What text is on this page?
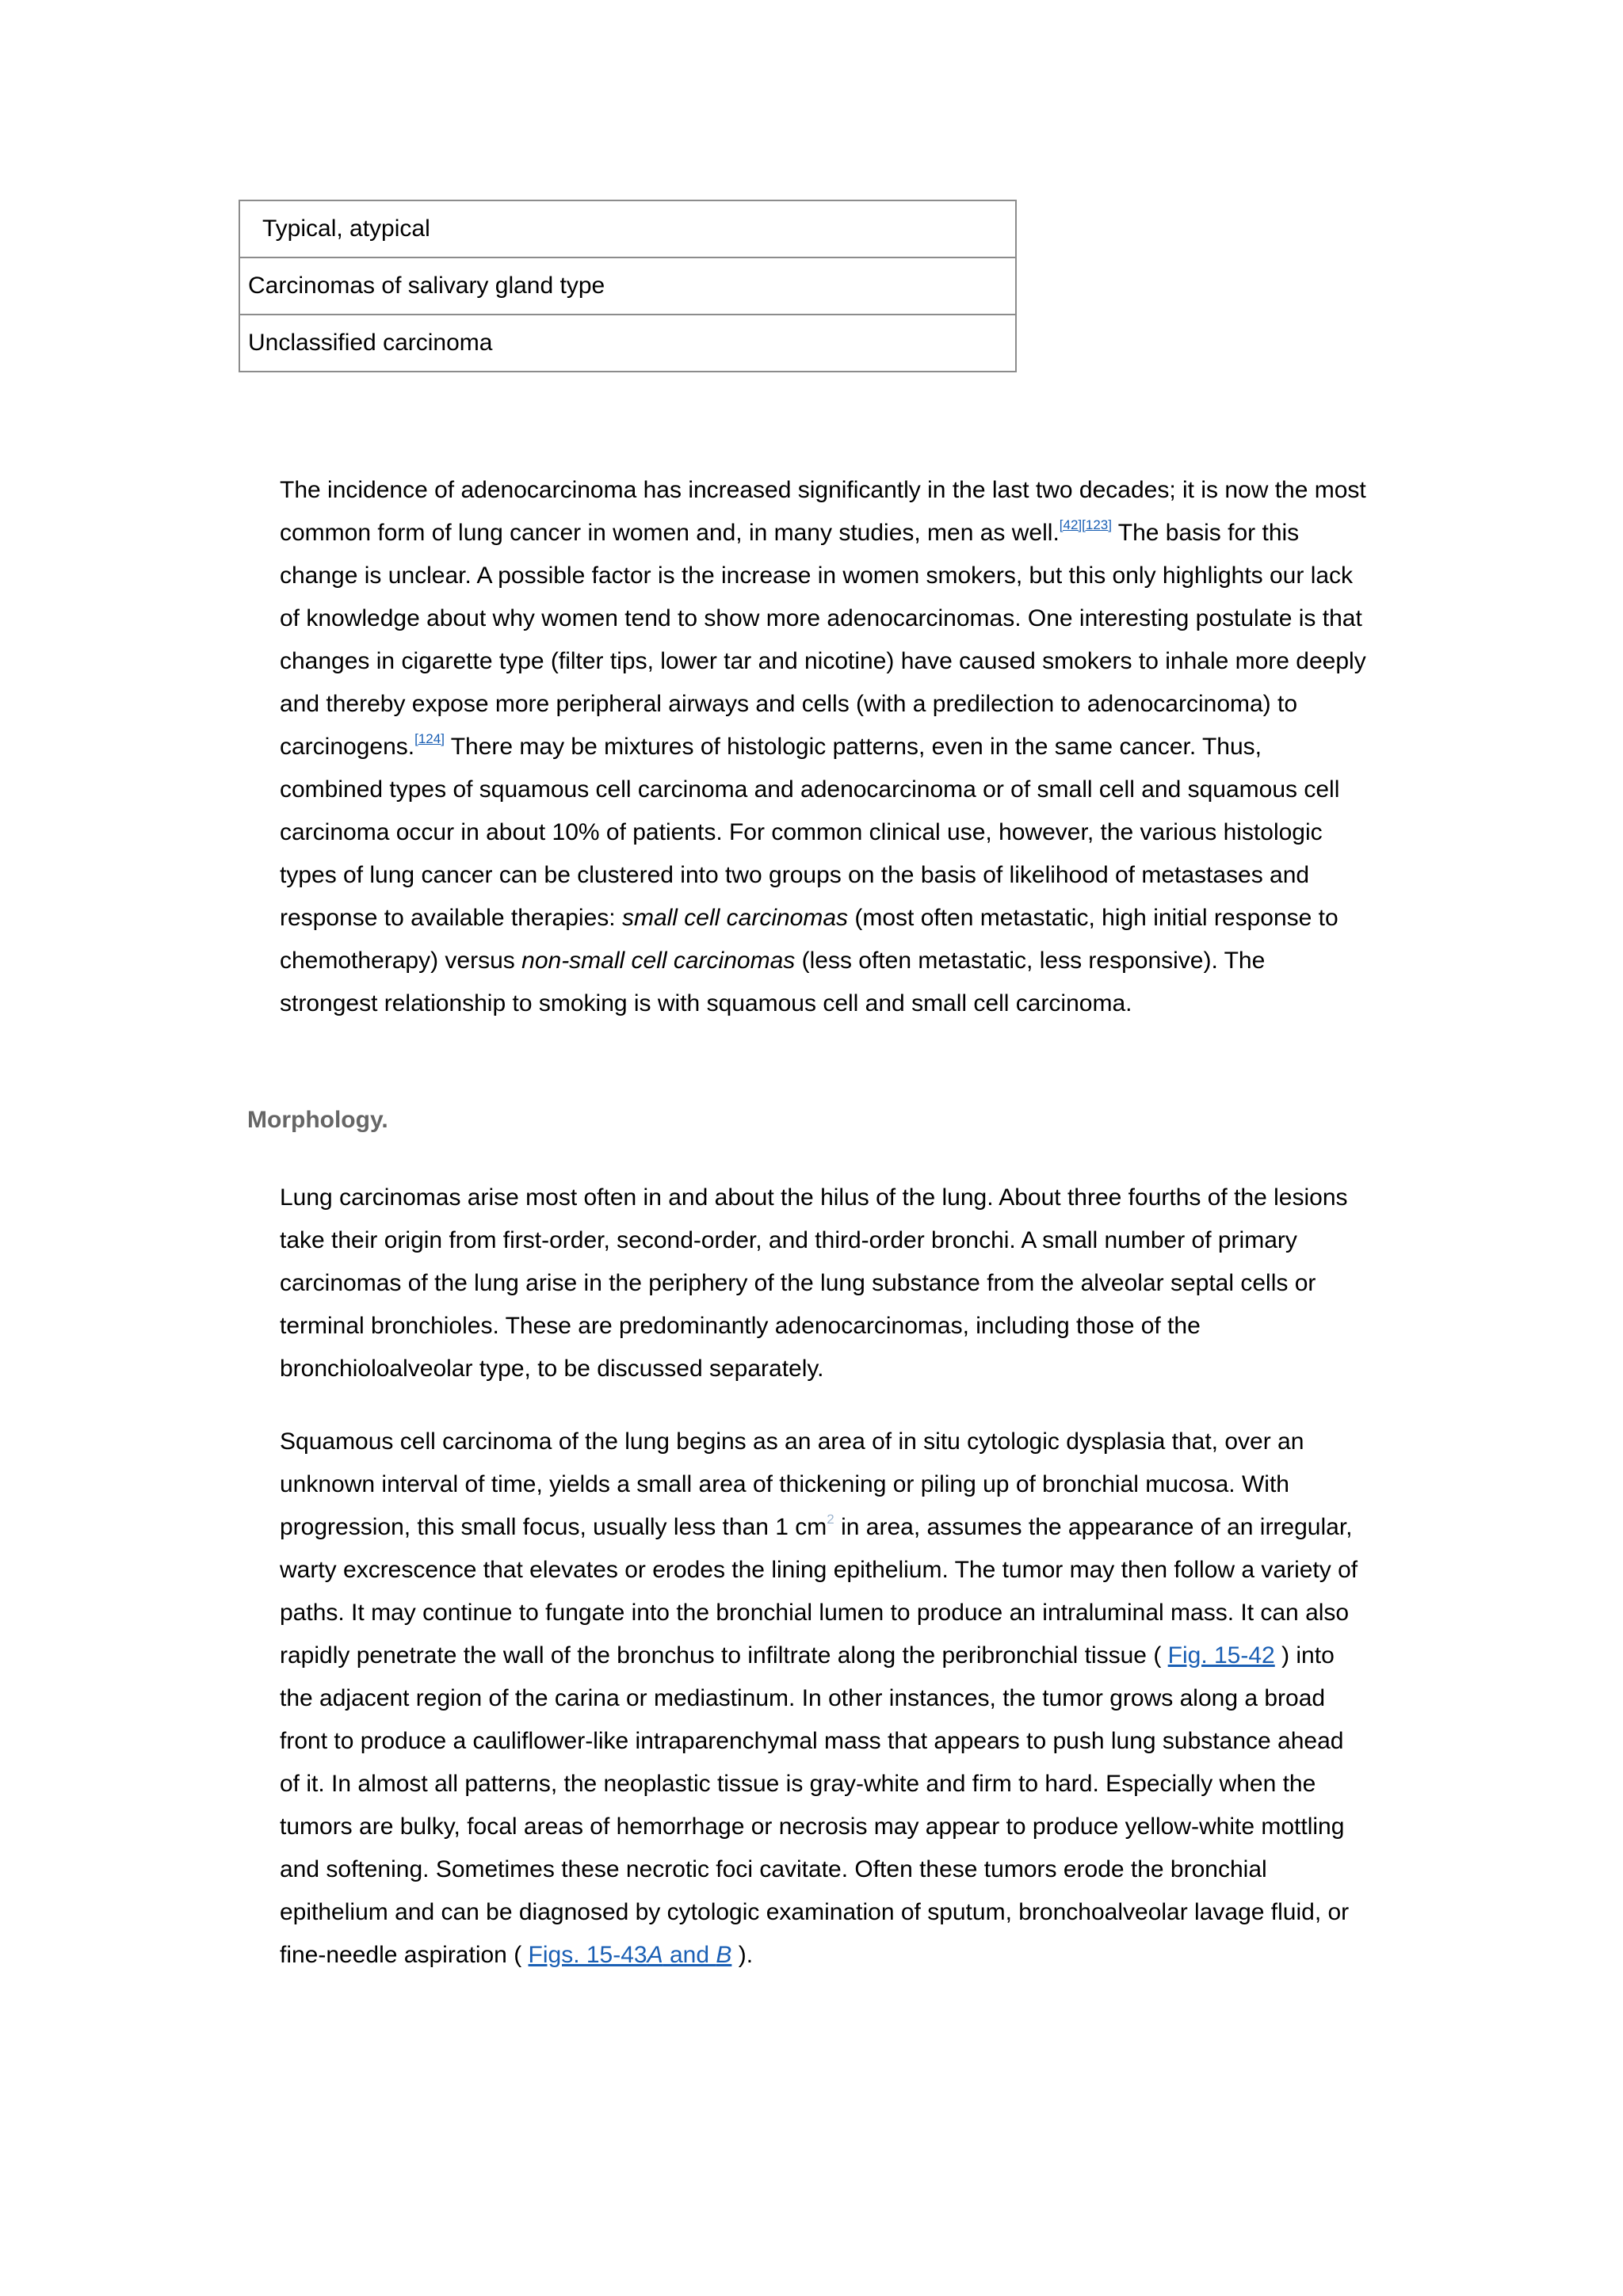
Typical, atypical
Carcinomas of salivary gland type
Unclassified carcinoma

The incidence of adenocarcinoma has increased significantly in the last two decades; it is now the most common form of lung cancer in women and, in many studies, men as well.[42][123] The basis for this change is unclear. A possible factor is the increase in women smokers, but this only highlights our lack of knowledge about why women tend to show more adenocarcinomas. One interesting postulate is that changes in cigarette type (filter tips, lower tar and nicotine) have caused smokers to inhale more deeply and thereby expose more peripheral airways and cells (with a predilection to adenocarcinoma) to carcinogens.[124] There may be mixtures of histologic patterns, even in the same cancer. Thus, combined types of squamous cell carcinoma and adenocarcinoma or of small cell and squamous cell carcinoma occur in about 10% of patients. For common clinical use, however, the various histologic types of lung cancer can be clustered into two groups on the basis of likelihood of metastases and response to available therapies: small cell carcinomas (most often metastatic, high initial response to chemotherapy) versus non-small cell carcinomas (less often metastatic, less responsive). The strongest relationship to smoking is with squamous cell and small cell carcinoma.

Morphology.

Lung carcinomas arise most often in and about the hilus of the lung. About three fourths of the lesions take their origin from first-order, second-order, and third-order bronchi. A small number of primary carcinomas of the lung arise in the periphery of the lung substance from the alveolar septal cells or terminal bronchioles. These are predominantly adenocarcinomas, including those of the bronchioloalveolar type, to be discussed separately.

Squamous cell carcinoma of the lung begins as an area of in situ cytologic dysplasia that, over an unknown interval of time, yields a small area of thickening or piling up of bronchial mucosa. With progression, this small focus, usually less than 1 $cm^2$ in area, assumes the appearance of an irregular, warty excrescence that elevates or erodes the lining epithelium. The tumor may then follow a variety of paths. It may continue to fungate into the bronchial lumen to produce an intraluminal mass. It can also rapidly penetrate the wall of the bronchus to infiltrate along the peribronchial tissue ( Fig. 15-42 ) into the adjacent region of the carina or mediastinum. In other instances, the tumor grows along a broad front to produce a cauliflower-like intraparenchymal mass that appears to push lung substance ahead of it. In almost all patterns, the neoplastic tissue is gray-white and firm to hard. Especially when the tumors are bulky, focal areas of hemorrhage or necrosis may appear to produce yellow-white mottling and softening. Sometimes these necrotic foci cavitate. Often these tumors erode the bronchial epithelium and can be diagnosed by cytologic examination of sputum, bronchoalveolar lavage fluid, or fine-needle aspiration ( Figs. 15-43A and B ).
